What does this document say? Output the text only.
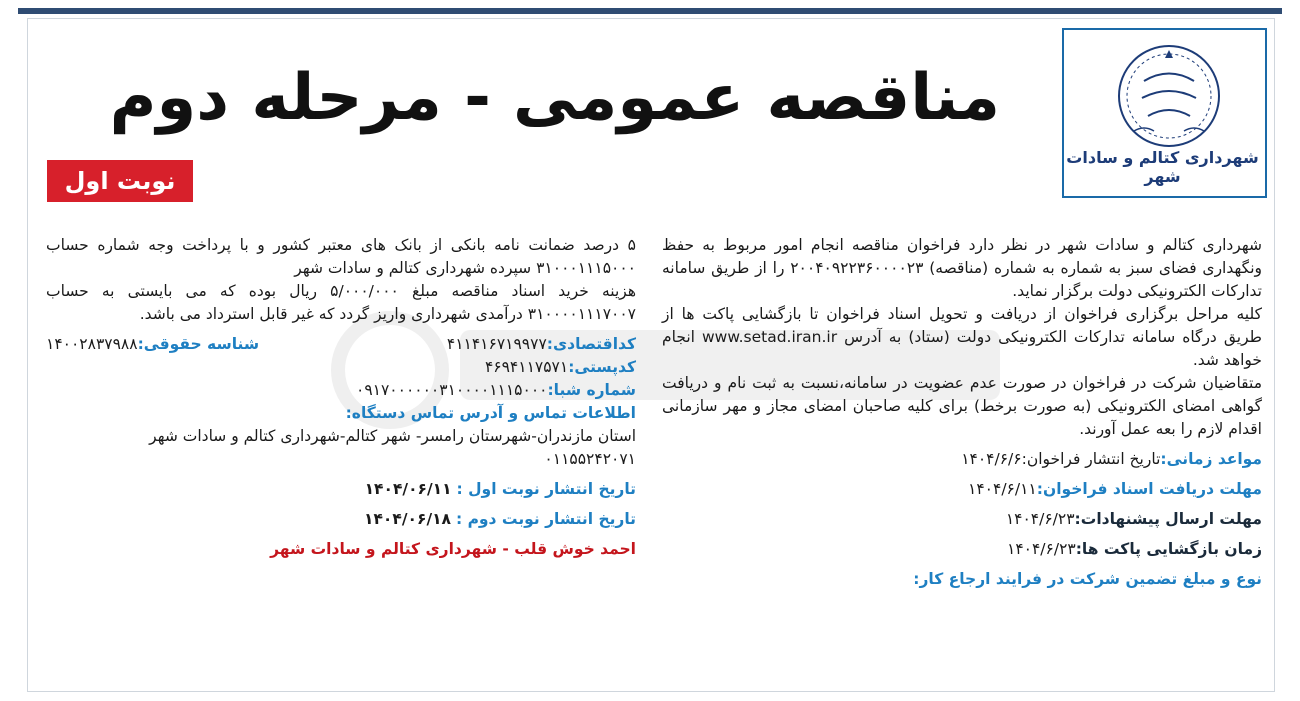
شهرداری کتالم و سادات شهر
مناقصه عمومی - مرحله دوم
نوبت اول

شهرداری کتالم و سادات شهر در نظر دارد فراخوان مناقصه انجام امور مربوط به حفظ ونگهداری فضای سبز به شماره به شماره (مناقصه) ۲۰۰۴۰۹۲۲۳۶۰۰۰۰۲۳ را از طریق سامانه تدارکات الکترونیکی دولت برگزار نماید.

کلیه مراحل برگزاری فراخوان از دریافت و تحویل اسناد فراخوان تا بازگشایی پاکت ها از طریق درگاه سامانه تدارکات الکترونیکی دولت (ستاد) به آدرس www.setad.iran.ir انجام خواهد شد.

متقاضیان شرکت در فراخوان در صورت عدم عضویت در سامانه،نسبت به ثبت نام و دریافت گواهی امضای الکترونیکی (به صورت برخط) برای کلیه صاحبان امضای مجاز و مهر سازمانی اقدام لازم را بعه عمل آورند.

مواعد زمانی:تاریخ انتشار فراخوان:۱۴۰۴/۶/۶

مهلت دریافت اسناد فراخوان:۱۴۰۴/۶/۱۱

مهلت ارسال پیشنهادات:۱۴۰۴/۶/۲۳

زمان بازگشایی پاکت ها:۱۴۰۴/۶/۲۳

نوع و مبلغ تضمین شرکت در فرایند ارجاع کار:

۵ درصد ضمانت نامه بانکی از بانک های معتبر کشور و با پرداخت وجه شماره حساب ۳۱۰۰۰۱۱۱۵۰۰۰ سپرده شهرداری کتالم و سادات شهر

هزینه خرید اسناد مناقصه مبلغ ۵/۰۰۰/۰۰۰ ریال بوده که می بایستی به حساب ۳۱۰۰۰۰۱۱۱۷۰۰۷ درآمدی شهرداری واریز گردد که غیر قابل استرداد می باشد.

کداقتصادی:۴۱۱۴۱۶۷۱۹۹۷۷
شناسه حقوقی:۱۴۰۰۲۸۳۷۹۸۸

کدپستی:۴۶۹۴۱۱۷۵۷۱

شماره شبا:۰۹۱۷۰۰۰۰۰۰۳۱۰۰۰۰۱۱۱۵۰۰۰

اطلاعات تماس و آدرس تماس دستگاه:

استان مازندران-شهرستان رامسر- شهر کتالم-شهرداری کتالم و سادات شهر

۰۱۱۵۵۲۴۲۰۷۱

تاریخ انتشار نوبت اول : ۱۴۰۴/۰۶/۱۱

تاریخ انتشار نوبت دوم : ۱۴۰۴/۰۶/۱۸

احمد خوش قلب - شهرداری کتالم و سادات شهر
